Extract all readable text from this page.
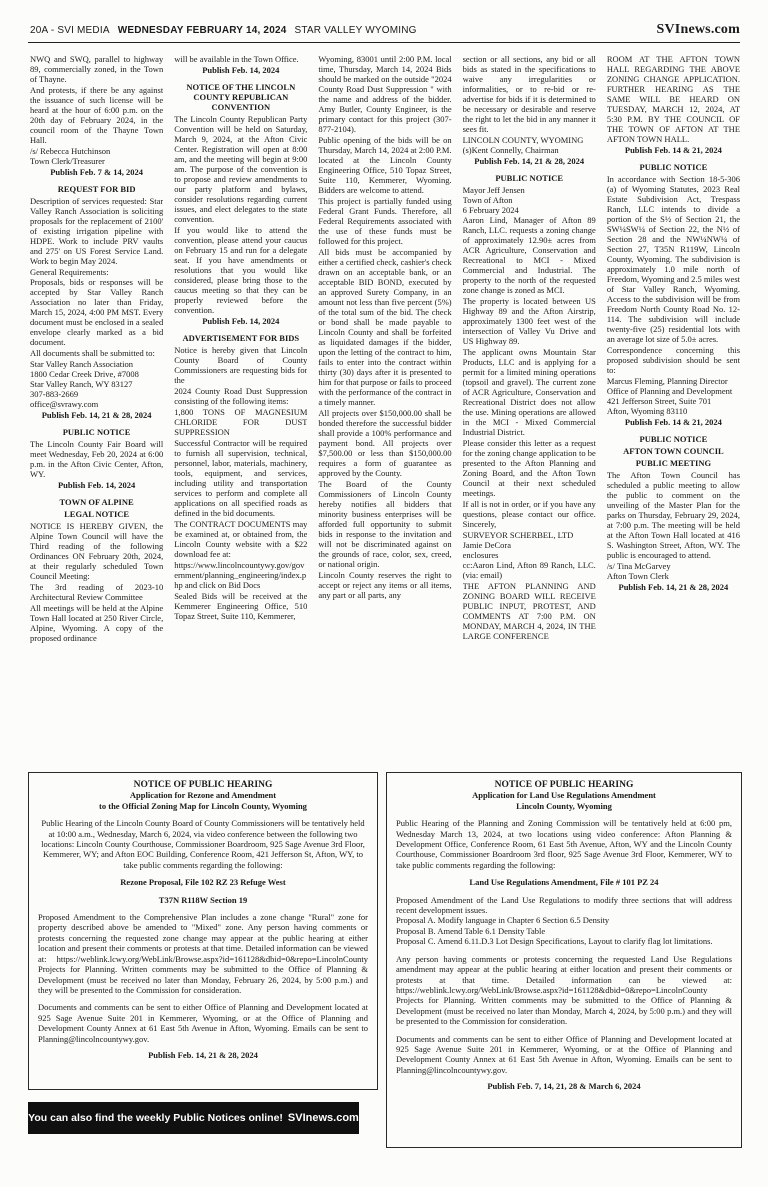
20A - SVI MEDIA WEDNESDAY FEBRUARY 14, 2024 STAR VALLEY WYOMING	SVInews.com
NWQ and SWQ, parallel to highway 89, commercially zoned, in the Town of Thayne.
And protests, if there be any against the issuance of such license will be heard at the hour of 6:00 p.m. on the 20th day of February 2024, in the council room of the Thayne Town Hall.
/s/ Rebecca Hutchinson
Town Clerk/Treasurer
Publish Feb. 7 & 14, 2024
REQUEST FOR BID
Description of services requested: Star Valley Ranch Association is soliciting proposals for the replacement of 2100' of existing irrigation pipeline with HDPE. Work to include PRV vaults and 275' on US Forest Service Land. Work to begin May 2024.
General Requirements:
Proposals, bids or responses will be accepted by Star Valley Ranch Association no later than Friday, March 15, 2024, 4:00 PM MST. Every document must be enclosed in a sealed envelope clearly marked as a bid document.
All documents shall be submitted to:
Star Valley Ranch Association
1800 Cedar Creek Drive, #7008
Star Valley Ranch, WY 83127
307-883-2669
office@svrawy.com
Publish Feb. 14, 21 & 28, 2024
PUBLIC NOTICE
The Lincoln County Fair Board will meet Wednesday, Feb 20, 2024 at 6:00 p.m. in the Afton Civic Center, Afton, WY.
Publish Feb. 14, 2024
TOWN OF ALPINE
LEGAL NOTICE
NOTICE IS HEREBY GIVEN, the Alpine Town Council will have the Third reading of the following Ordinances ON February 20th, 2024, at their regularly scheduled Town Council Meeting:
The 3rd reading of 2023-10 Architectural Review Committee
All meetings will be held at the Alpine Town Hall located at 250 River Circle, Alpine, Wyoming. A copy of the proposed ordinance
will be available in the Town Office.
Publish Feb. 14, 2024
NOTICE OF THE LINCOLN COUNTY REPUBLICAN CONVENTION
The Lincoln County Republican Party Convention will be held on Saturday, March 9, 2024, at the Afton Civic Center. Registration will open at 8:00 am, and the meeting will begin at 9:00 am. The purpose of the convention is to propose and review amendments to our party platform and bylaws, consider resolutions regarding current issues, and elect delegates to the state convention.
If you would like to attend the convention, please attend your caucus on February 15 and run for a delegate seat. If you have amendments or resolutions that you would like considered, please bring those to the caucus meeting so that they can be properly reviewed before the convention.
Publish Feb. 14, 2024
ADVERTISEMENT FOR BIDS
Notice is hereby given that Lincoln County Board of County Commissioners are requesting bids for the
2024 County Road Dust Suppression consisting of the following items:
1,800 TONS OF MAGNESIUM CHLORIDE FOR DUST SUPPRESSION
Successful Contractor will be required to furnish all supervision, technical, personnel, labor, materials, machinery, tools, equipment, and services, including utility and transportation services to perform and complete all applications on all specified roads as defined in the bid documents.
The CONTRACT DOCUMENTS may be examined at, or obtained from, the Lincoln County website with a $22 download fee at:
https://www.lincolncountywy.gov/government/planning_engineering/index.php and click on Bid Docs
Sealed Bids will be received at the Kemmerer Engineering Office, 510 Topaz Street, Suite 110, Kemmerer,
Wyoming, 83001 until 2:00 P.M. local time, Thursday, March 14, 2024 Bids should be marked on the outside "2024 County Road Dust Suppression " with the name and address of the bidder. Amy Butler, County Engineer, is the primary contact for this project (307-877-2104).
Public opening of the bids will be on Thursday, March 14, 2024 at 2:00 P.M. located at the Lincoln County Engineering Office, 510 Topaz Street, Suite 110, Kemmerer, Wyoming. Bidders are welcome to attend.
This project is partially funded using Federal Grant Funds. Therefore, all Federal Requirements associated with the use of these funds must be followed for this project.
All bids must be accompanied by either a certified check, cashier's check drawn on an acceptable bank, or an acceptable BID BOND, executed by an approved Surety Company, in an amount not less than five percent (5%) of the total sum of the bid. The check or bond shall be made payable to Lincoln County and shall be forfeited as liquidated damages if the bidder, upon the letting of the contract to him, fails to enter into the contract within thirty (30) days after it is presented to him for that purpose or fails to proceed with the performance of the contract in a timely manner.
All projects over $150,000.00 shall be bonded therefore the successful bidder shall provide a 100% performance and payment bond. All projects over $7,500.00 or less than $150,000.00 requires a form of guarantee as approved by the County.
The Board of the County Commissioners of Lincoln County hereby notifies all bidders that minority business enterprises will be afforded full opportunity to submit bids in response to the invitation and will not be discriminated against on the grounds of race, color, sex, creed, or national origin.
Lincoln County reserves the right to accept or reject any items or all items, any part or all parts, any
section or all sections, any bid or all bids as stated in the specifications to waive any irregularities or informalities, or to re-bid or re-advertise for bids if it is determined to be necessary or desirable and reserve the right to let the bid in any manner it sees fit.
LINCOLN COUNTY, WYOMING
(s)Kent Connelly, Chairman
Publish Feb. 14, 21 & 28, 2024
PUBLIC NOTICE
Mayor Jeff Jensen
Town of Afton
6 February 2024
Aaron Lind, Manager of Afton 89 Ranch, LLC. requests a zoning change of approximately 12.90± acres from ACR Agriculture, Conservation and Recreational to MCI - Mixed Commercial and Industrial. The property to the north of the requested zone change is zoned as MCI.
The property is located between US Highway 89 and the Afton Airstrip, approximately 1300 feet west of the intersection of Valley Vu Drive and US Highway 89.
The applicant owns Mountain Star Products, LLC and is applying for a permit for a limited mining operations (topsoil and gravel). The current zone of ACR Agriculture, Conservation and Recreational District does not allow the use. Mining operations are allowed in the MCI - Mixed Commercial Industrial District.
Please consider this letter as a request for the zoning change application to be presented to the Afton Planning and Zoning Board, and the Afton Town Council at their next scheduled meetings.
If all is not in order, or if you have any questions, please contact our office. Sincerely,
SURVEYOR SCHERBEL, LTD
Jamie DeCora
enclosures
cc:Aaron Lind, Afton 89 Ranch, LLC. (via: email)
THE AFTON PLANNING AND ZONING BOARD WILL RECEIVE PUBLIC INPUT, PROTEST, AND COMMENTS AT 7:00 P.M. ON MONDAY, MARCH 4, 2024, IN THE LARGE CONFERENCE
ROOM AT THE AFTON TOWN HALL REGARDING THE ABOVE ZONING CHANGE APPLICATION. FURTHER HEARING AS THE SAME WILL BE HEARD ON TUESDAY, MARCH 12, 2024, AT 5:30 P.M. BY THE COUNCIL OF THE TOWN OF AFTON AT THE AFTON TOWN HALL.
Publish Feb. 14 & 21, 2024
PUBLIC NOTICE
In accordance with Section 18-5-306 (a) of Wyoming Statutes, 2023 Real Estate Subdivision Act, Trespass Ranch, LLC intends to divide a portion of the S½ of Section 21, the SW¼SW¼ of Section 22, the N½ of Section 28 and the NW¼NW¼ of Section 27, T35N R119W, Lincoln County, Wyoming. The subdivision is approximately 1.0 mile north of Freedom, Wyoming and 2.5 miles west of Star Valley Ranch, Wyoming. Access to the subdivision will be from Freedom North County Road No. 12-114. The subdivision will include twenty-five (25) residential lots with an average lot size of 5.0± acres.
Correspondence concerning this proposed subdivision should be sent to:
Marcus Fleming, Planning Director
Office of Planning and Development
421 Jefferson Street, Suite 701
Afton, Wyoming 83110
Publish Feb. 14 & 21, 2024
PUBLIC NOTICE
AFTON TOWN COUNCIL
PUBLIC MEETING
The Afton Town Council has scheduled a public meeting to allow the public to comment on the unveiling of the Master Plan for the parks on Thursday, February 29, 2024, at 7:00 p.m. The meeting will be held at the Afton Town Hall located at 416 S. Washington Street, Afton, WY. The public is encouraged to attend.
/s/ Tina McGarvey
Afton Town Clerk
Publish Feb. 14, 21 & 28, 2024
NOTICE OF PUBLIC HEARING
Application for Rezone and Amendment
to the Official Zoning Map for Lincoln County, Wyoming
Public Hearing of the Lincoln County Board of County Commissioners will be tentatively held at 10:00 a.m., Wednesday, March 6, 2024, via video conference between the following two locations: Lincoln County Courthouse, Commissioner Boardroom, 925 Sage Avenue 3rd Floor, Kemmerer, WY; and Afton EOC Building, Conference Room, 421 Jefferson St, Afton, WY, to take public comments regarding the following:
Rezone Proposal, File 102 RZ 23 Refuge West
T37N R118W Section 19
Proposed Amendment to the Comprehensive Plan includes a zone change "Rural" zone for property described above be amended to "Mixed" zone. Any person having comments or protests concerning the requested zone change may appear at the public hearing at either location and present their comments or protests at that time. Detailed information can be viewed at: https://weblink.lcwy.org/WebLink/Browse.aspx?id=161128&dbid=0&repo=LincolnCounty Projects for Planning. Written comments may be submitted to the Office of Planning & Development (must be received no later than Monday, February 26, 2024, by 5:00 p.m.) and they will be presented to the Commission for consideration.
Documents and comments can be sent to either Office of Planning and Development located at 925 Sage Avenue Suite 201 in Kemmerer, Wyoming, or at the Office of Planning and Development County Annex at 61 East 5th Avenue in Afton, Wyoming. Emails can be sent to Planning@lincolncountywy.gov.
Publish Feb. 14, 21 & 28, 2024
NOTICE OF PUBLIC HEARING
Application for Land Use Regulations Amendment
Lincoln County, Wyoming
Public Hearing of the Planning and Zoning Commission will be tentatively held at 6:00 pm, Wednesday March 13, 2024, at two locations using video conference: Afton Planning & Development Office, Conference Room, 61 East 5th Avenue, Afton, WY and the Lincoln County Courthouse, Commissioner Boardroom 3rd floor, 925 Sage Avenue 3rd Floor, Kemmerer, WY to take public comments regarding the following:
Land Use Regulations Amendment, File # 101 PZ 24
Proposed Amendment of the Land Use Regulations to modify three sections that will address recent development issues.
Proposal A. Modify language in Chapter 6 Section 6.5 Density
Proposal B. Amend Table 6.1 Density Table
Proposal C. Amend 6.11.D.3 Lot Design Specifications, Layout to clarify flag lot limitations.
Any person having comments or protests concerning the requested Land Use Regulations amendment may appear at the public hearing at either location and present their comments or protests at that time. Detailed information can be viewed at: https://weblink.lcwy.org/WebLink/Browse.aspx?id=161128&dbid=0&repo=LincolnCounty Projects for Planning. Written comments may be submitted to the Office of Planning & Development (must be received no later than Monday, March 4, 2024, by 5:00 p.m.) and they will be presented to the Commission for consideration.
Documents and comments can be sent to either Office of Planning and Development located at 925 Sage Avenue Suite 201 in Kemmerer, Wyoming, or at the Office of Planning and Development County Annex at 61 East 5th Avenue in Afton, Wyoming. Emails can be sent to Planning@lincolncountywy.gov.
Publish Feb. 7, 14, 21, 28 & March 6, 2024
You can also find the weekly Public Notices online! SVInews.com
